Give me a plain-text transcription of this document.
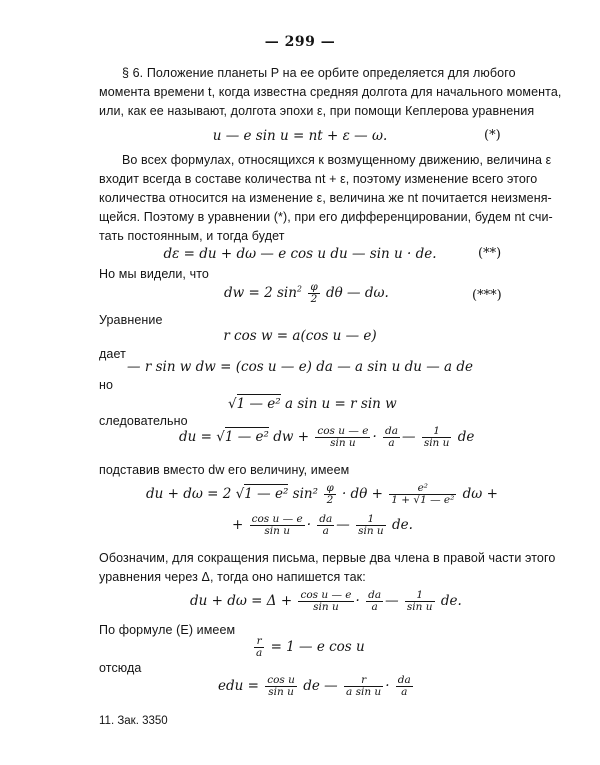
— 299 —
§ 6. Положение планеты P на ее орбите определяется для любого
момента времени t, когда известна средняя долгота для начального момента,
или, как ее называют, долгота эпохи ε, при помощи Кеплерова уравнения
u — e sin u = nt + ε — ω.	(*)
Во всех формулах, относящихся к возмущенному движению, величина ε
входит всегда в составе количества nt + ε, поэтому изменение всего этого
количества относится на изменение ε, величина же nt почитается неизменя-
щейся. Поэтому в уравнении (*), при его дифференцировании, будем nt счи-
тать постоянным, и тогда будет
dε = du + dω — e cos u du — sin u · de.	(**)
Но мы видели, что
dw = 2 $\sin^2 \frac{\varphi}{2}$ dθ — dω.	(***)
Уравнение
r cos w = a(cos u — e)
дает
— r sin w dw = (cos u — e) da — a sin u du — a de
но
√1 — e² a sin u = r sin w
следовательно
du = √1 — e² dw + $\frac{\text{cos u — e}}{\text{sin u}} \cdot \frac{da}{a}$ — $\frac{1}{\text{sin u}}$ de
подставив вместо dw его величину, имеем
du + dω = 2 √1 — e² $\sin^2 \frac{\varphi}{2} \cdot d\theta + \frac{\text{e²}}{\text{1 + √1 — e²}}$ dω +
+ $\frac{\text{cos u — e}}{\text{sin u}} \cdot \frac{da}{a}$ — $\frac{1}{\text{sin u}}$ de.
Обозначим, для сокращения письма, первые два члена в правой части этого
уравнения через Δ, тогда оно напишется так:
du + $d\omega = \Delta + \frac{\text{cos u — e}}{\text{sin u}} \cdot \frac{da}{a}$ — $\frac{1}{\text{sin u}}$ de.
По формуле (E) имеем
$\frac{r}{a} = 1$ — e cos u
отсюда
edu = $\frac{\text{cos u}}{\text{sin u}}$ de — $\frac{r}{\text{a sin u}} \cdot \frac{da}{a}$
11. Зак. 3350
